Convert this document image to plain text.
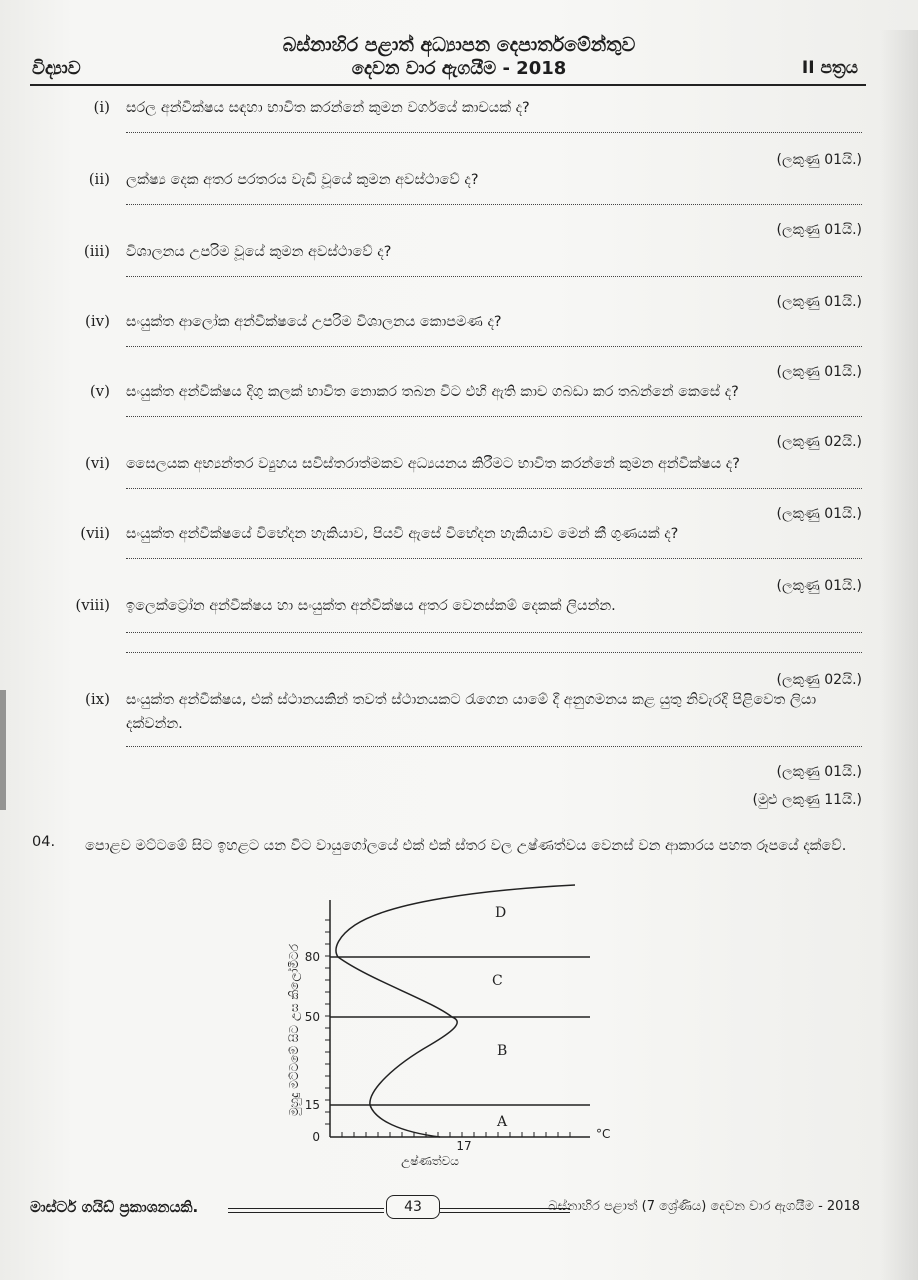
බස්නාහිර පළාත් අධ්‍යාපන දෙපාර්තමේන්තුව
විද්‍යාව	දෙවන වාර ඇගයීම - 2018	II පත්‍රය
(i) සරල අන්වීක්ෂය සඳහා භාවිත කරන්නේ කුමන වර්ගයේ කාචයක් ද?
(ලකුණු 01යි.)
(ii) ලක්ෂ්‍ය දෙක අතර පරතරය වැඩි වූයේ කුමන අවස්ථාවේ ද?
(ලකුණු 01යි.)
(iii) විශාලනය උපරිම වූයේ කුමන අවස්ථාවේ ද?
(ලකුණු 01යි.)
(iv) සංයුක්ත ආලෝක අන්වීක්ෂයේ උපරිම විශාලනය කොපමණ ද?
(ලකුණු 01යි.)
(v) සංයුක්ත අන්වීක්ෂය දිගු කලක් භාවිත නොකර තබන විට එහි ඇති කාච ගබඩා කර තබන්නේ කෙසේ ද?
(ලකුණු 02යි.)
(vi) සෛලයක අභ්‍යන්තර ව්‍යුහය සවිස්තරාත්මකව අධ්‍යයනය කිරීමට භාවිත කරන්නේ කුමන අන්වීක්ෂය ද?
(ලකුණු 01යි.)
(vii) සංයුක්ත අන්වීක්ෂයේ විභේදන හැකියාව, පියවි ඇසේ විභේදන හැකියාව මෙන් කී ගුණයක් ද?
(ලකුණු 01යි.)
(viii) ඉලෙක්ට්‍රෝන අන්වීක්ෂය හා සංයුක්ත අන්වීක්ෂය අතර වෙනස්කම් දෙකක් ලියන්න.
(ලකුණු 02යි.)
(ix) සංයුක්ත අන්වීක්ෂය, එක් ස්ථානයකින් තවත් ස්ථානයකට රැගෙන යාමේ දී අනුගමනය කළ යුතු නිවැරදි පිළිවෙත ලියා දක්වන්න.
(ලකුණු 01යි.)
(මුළු ලකුණු 11යි.)
04. පොළව මට්ටමේ සිට ඉහළට යන විට වායුගෝලයේ එක් එක් ස්තර වල උෂ්ණත්වය වෙනස් වන ආකාරය පහත රූපයේ දක්වේ.
මුහුදු මට්ටමේ සිට උස කිලෝමීටර 80
50
15
0
D
C
B
A
17
°C
උෂ්ණත්වය
මාස්ටර් ගයිඩ් ප්‍රකාශනයකි.	43	බස්නාහිර පළාත් (7 ශ්‍රේණිය) දෙවන වාර ඇගයීම - 2018
